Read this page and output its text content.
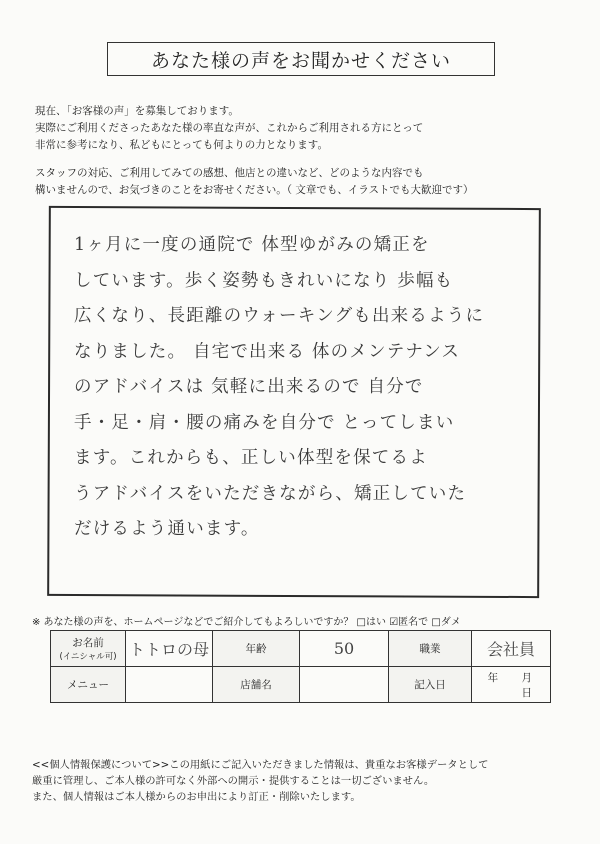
あなた様の声をお聞かせください

現在、「お客様の声」を募集しております。

実際にご利用くださったあなた様の率直な声が、これからご利用される方にとって

非常に参考になり、私どもにとっても何よりの力となります。

スタッフの対応、ご利用してみての感想、他店との違いなど、どのような内容でも

構いませんので、お気づきのことをお寄せください。（ 文章でも、イラストでも大歓迎です）

1ヶ月に一度の通院で 体型ゆがみの矯正を
しています。歩く姿勢もきれいになり 歩幅も
広くなり、長距離のウォーキングも出来るように
なりました。 自宅で出来る 体のメンテナンス
のアドバイスは 気軽に出来るので 自分で
手・足・肩・腰の痛みを自分で とってしまい
ます。これからも、正しい体型を保てるよ
うアドバイスをいただきながら、矯正していた
だけるよう通います。
※ あなた様の声を、ホームページなどでご紹介してもよろしいですか？ □はい ☑匿名で □ダメ
お名前
(イニシャル可)	トトロの母	年齢	50	職業	会社員
メニュー		店舗名		記入日	年 月 日

<<個人情報保護について>>この用紙にご記入いただきました情報は、貴重なお客様データとして

厳重に管理し、ご本人様の許可なく外部への開示・提供することは一切ございません。

また、個人情報はご本人様からのお申出により訂正・削除いたします。
